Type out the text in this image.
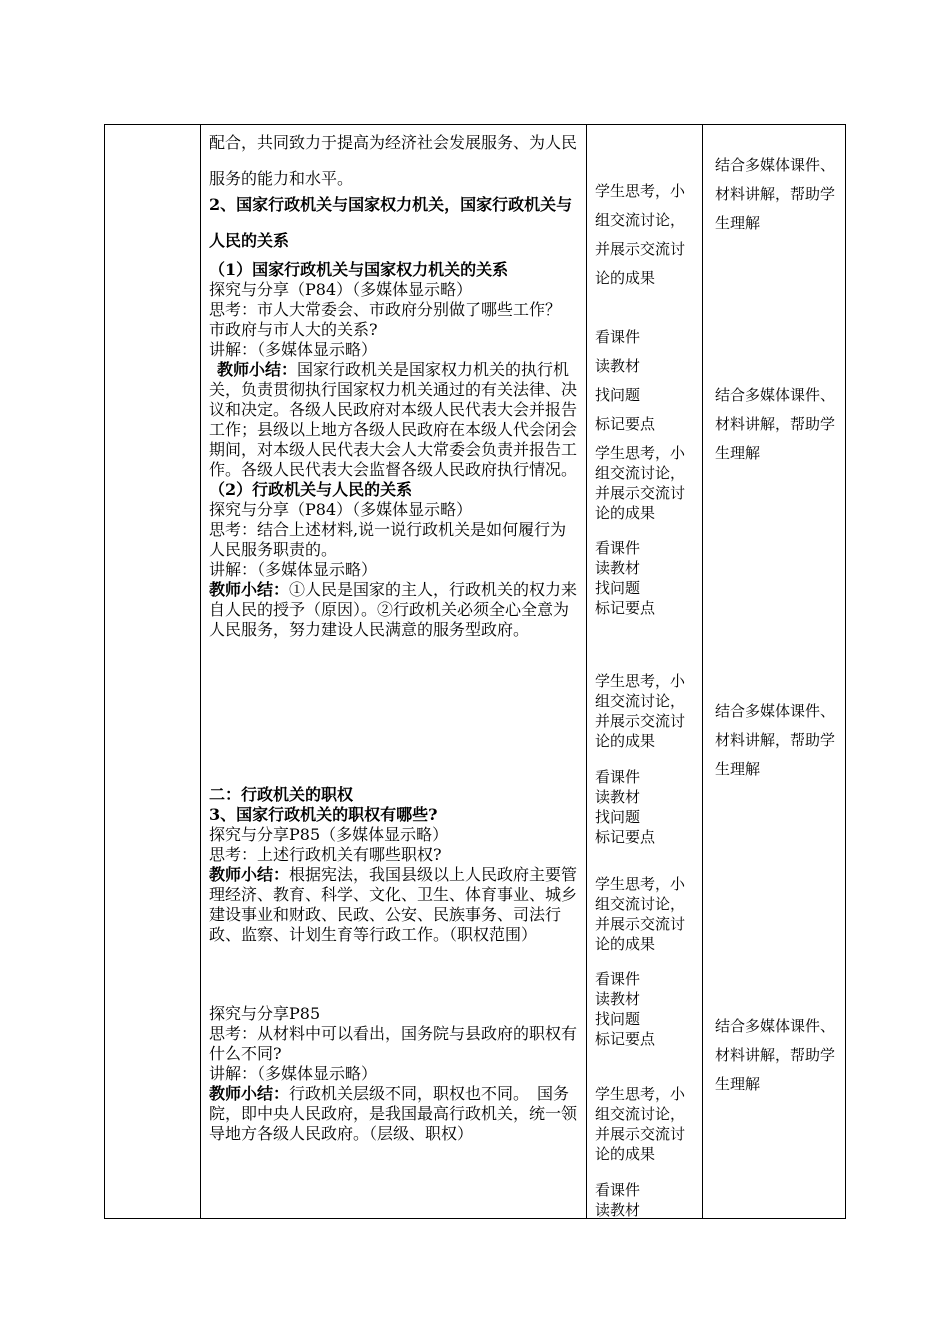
配合，共同致力于提高为经济社会发展服务、为人民服务的能力和水平。
2、国家行政机关与国家权力机关，国家行政机关与人民的关系

（1）国家行政机关与国家权力机关的关系

探究与分享（P84）（多媒体显示略）

思考：市人大常委会、市政府分别做了哪些工作？　市政府与市人大的关系?

讲解：（多媒体显示略）

教师小结：国家行政机关是国家权力机关的执行机关，负责贯彻执行国家权力机关通过的有关法律、决议和决定。各级人民政府对本级人民代表大会并报告工作；县级以上地方各级人民政府在本级人代会闭会期间，对本级人民代表大会人大常委会负责并报告工作。各级人民代表大会监督各级人民政府执行情况。

（2）行政机关与人民的关系

探究与分享（P84）（多媒体显示略）

思考：结合上述材料,说一说行政机关是如何履行为人民服务职责的。

讲解：（多媒体显示略）

教师小结：①人民是国家的主人，行政机关的权力来自人民的授予（原因）。②行政机关必须全心全意为人民服务，努力建设人民满意的服务型政府。

二：行政机关的职权

3、国家行政机关的职权有哪些?

探究与分享P85（多媒体显示略）

思考：上述行政机关有哪些职权?

教师小结：根据宪法，我国县级以上人民政府主要管理经济、教育、科学、文化、卫生、体育事业、城乡建设事业和财政、民政、公安、民族事务、司法行政、监察、计划生育等行政工作。（职权范围）

探究与分享P85

思考：从材料中可以看出，国务院与县政府的职权有什么不同?

讲解：（多媒体显示略）

教师小结：行政机关层级不同，职权也不同。　国务院，即中央人民政府，是我国最高行政机关，统一领导地方各级人民政府。（层级、职权）

学生思考，小组交流讨论，并展示交流讨论的成果

看课件

读教材

找问题

标记要点

学生思考，小组交流讨论，并展示交流讨论的成果

看课件

读教材

找问题

标记要点

学生思考，小组交流讨论，并展示交流讨论的成果

看课件

读教材

找问题

标记要点

学生思考，小组交流讨论，并展示交流讨论的成果

看课件

读教材

找问题

标记要点

学生思考，小组交流讨论，并展示交流讨论的成果

看课件

读教材

结合多媒体课件、材料讲解，帮助学生理解
结合多媒体课件、材料讲解，帮助学生理解
结合多媒体课件、材料讲解，帮助学生理解
结合多媒体课件、材料讲解，帮助学生理解
